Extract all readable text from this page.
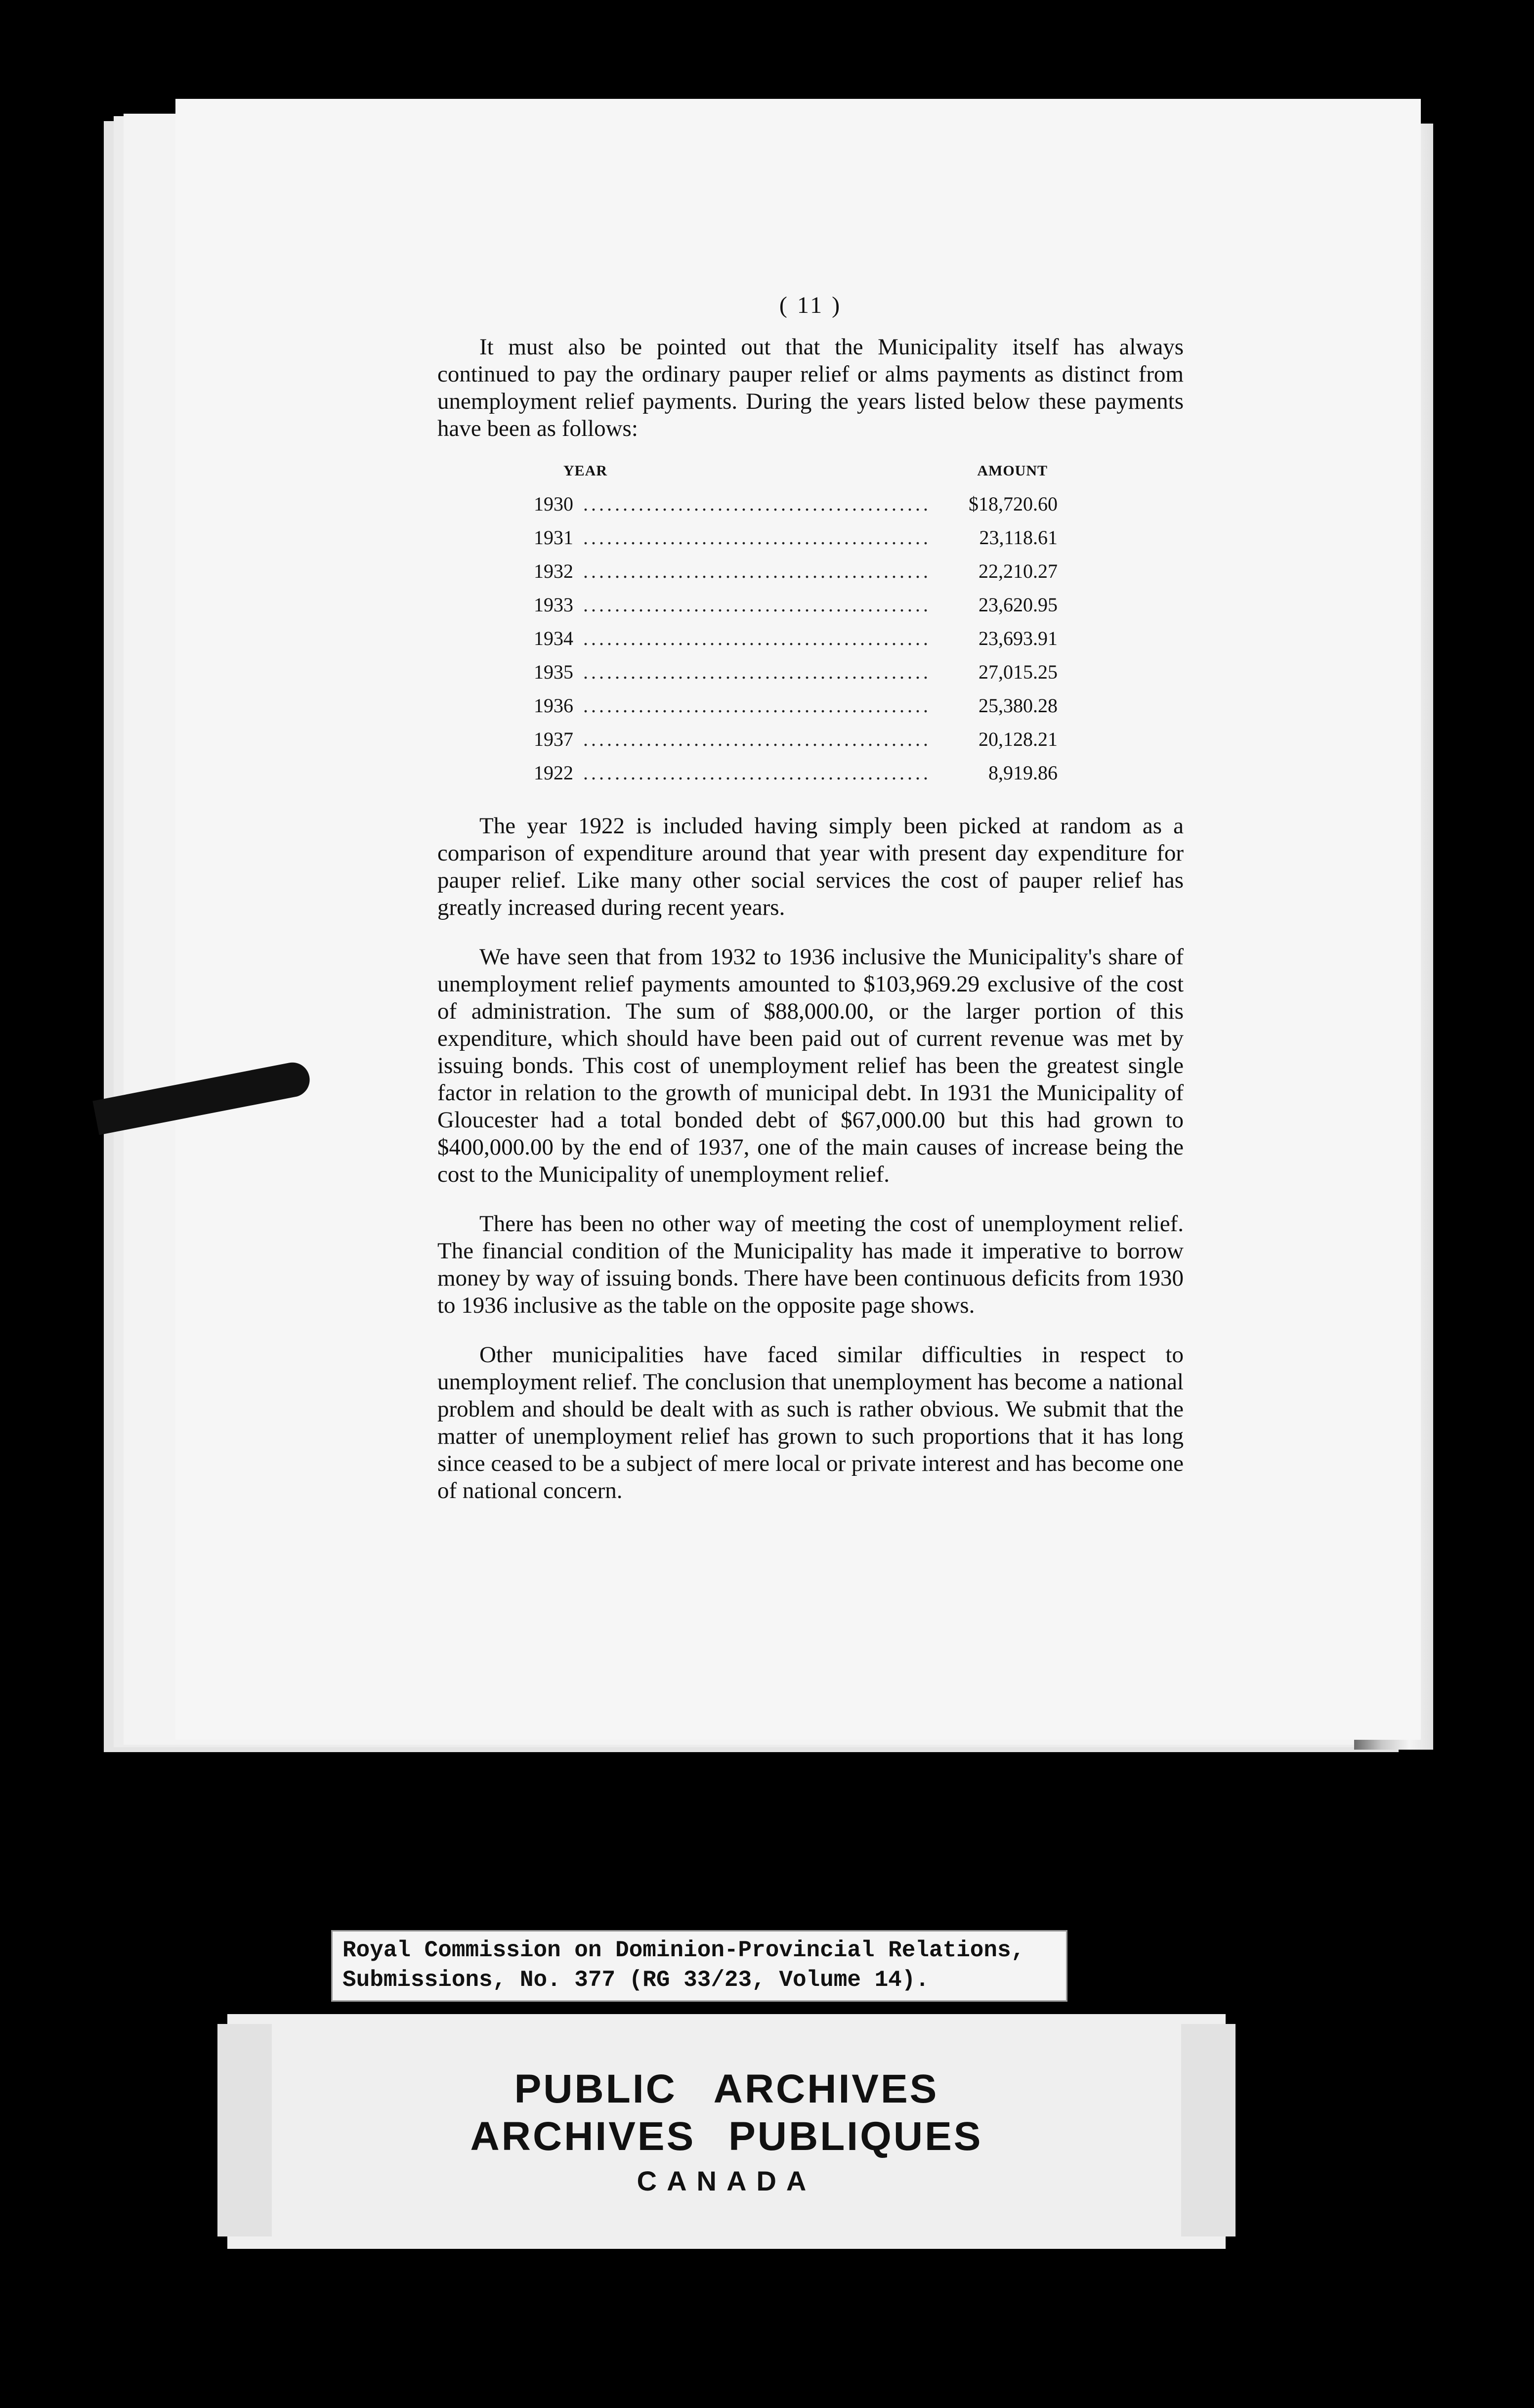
( 11 )

It must also be pointed out that the Municipality itself has always continued to pay the ordinary pauper relief or alms payments as distinct from unemployment relief payments. During the years listed below these payments have been as follows:

YEAR	AMOUNT
1930 ............................................	$18,720.60
1931 ............................................	23,118.61
1932 ............................................	22,210.27
1933 ............................................	23,620.95
1934 ............................................	23,693.91
1935 ............................................	27,015.25
1936 ............................................	25,380.28
1937 ............................................	20,128.21
1922 ............................................	8,919.86

The year 1922 is included having simply been picked at random as a comparison of expenditure around that year with present day expenditure for pauper relief. Like many other social services the cost of pauper relief has greatly increased during recent years.

We have seen that from 1932 to 1936 inclusive the Municipality's share of unemployment relief payments amounted to $103,969.29 exclusive of the cost of administration. The sum of $88,000.00, or the larger portion of this expenditure, which should have been paid out of current revenue was met by issuing bonds. This cost of unemployment relief has been the greatest single factor in relation to the growth of municipal debt. In 1931 the Municipality of Gloucester had a total bonded debt of $67,000.00 but this had grown to $400,000.00 by the end of 1937, one of the main causes of increase being the cost to the Municipality of unemployment relief.

There has been no other way of meeting the cost of unemployment relief. The financial condition of the Municipality has made it imperative to borrow money by way of issuing bonds. There have been continuous deficits from 1930 to 1936 inclusive as the table on the opposite page shows.

Other municipalities have faced similar difficulties in respect to unemployment relief. The conclusion that unemployment has become a national problem and should be dealt with as such is rather obvious. We submit that the matter of unemployment relief has grown to such proportions that it has long since ceased to be a subject of mere local or private interest and has become one of national concern.

Royal Commission on Dominion-Provincial Relations,
Submissions, No. 377 (RG 33/23, Volume 14).
PUBLIC ARCHIVES
ARCHIVES PUBLIQUES
CANADA
